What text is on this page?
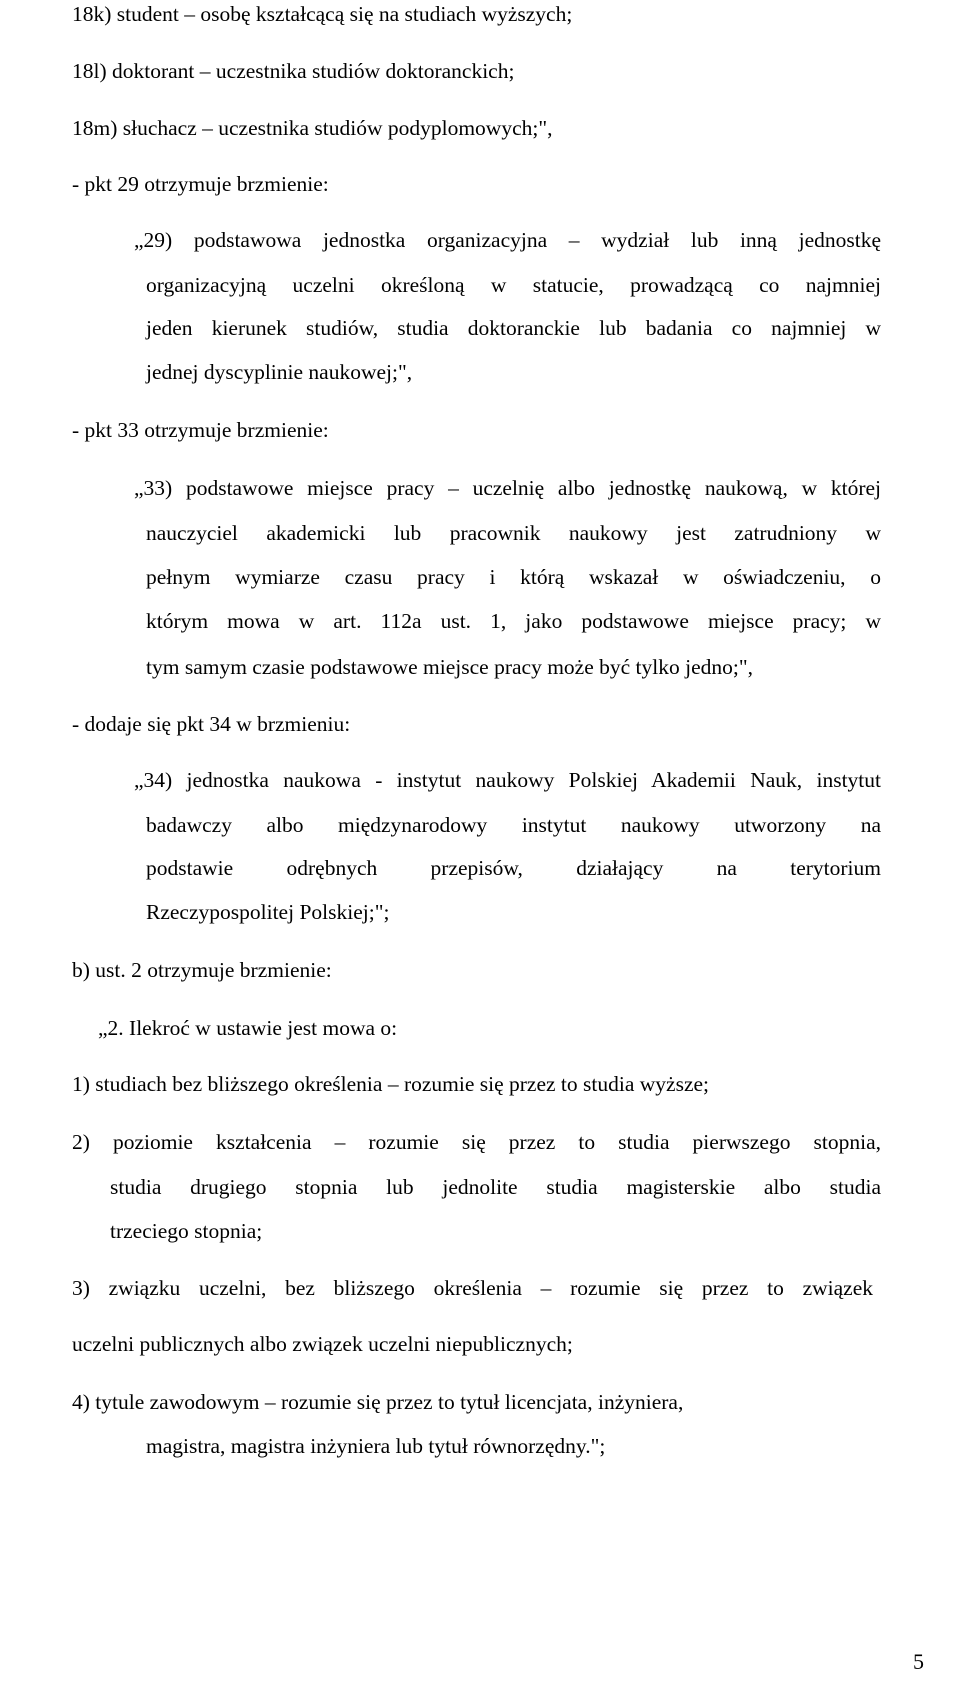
18k) student – osobę kształcącą się na studiach wyższych;
18l) doktorant – uczestnika studiów doktoranckich;
18m) słuchacz – uczestnika studiów podyplomowych;",
- pkt 29 otrzymuje brzmienie:
„29) podstawowa jednostka organizacyjna – wydział lub inną jednostkę
organizacyjną uczelni określoną w statucie, prowadzącą co najmniej
jeden kierunek studiów, studia doktoranckie lub badania co najmniej w
jednej dyscyplinie naukowej;",
- pkt 33 otrzymuje brzmienie:
„33) podstawowe miejsce pracy – uczelnię albo jednostkę naukową, w której
nauczyciel akademicki lub pracownik naukowy jest zatrudniony w
pełnym wymiarze czasu pracy i którą wskazał w oświadczeniu, o
którym mowa w art. 112a ust. 1, jako podstawowe miejsce pracy; w
tym samym czasie podstawowe miejsce pracy może być tylko jedno;",
- dodaje się pkt 34 w brzmieniu:
„34) jednostka naukowa - instytut naukowy Polskiej Akademii Nauk, instytut
badawczy albo międzynarodowy instytut naukowy utworzony na
podstawie odrębnych przepisów, działający na terytorium
Rzeczypospolitej Polskiej;";
b) ust. 2 otrzymuje brzmienie:
„2. Ilekroć w ustawie jest mowa o:
1) studiach bez bliższego określenia – rozumie się przez to studia wyższe;
2) poziomie kształcenia – rozumie się przez to studia pierwszego stopnia,
studia drugiego stopnia lub jednolite studia magisterskie albo studia
trzeciego stopnia;
3) związku uczelni, bez bliższego określenia – rozumie się przez to związek
uczelni publicznych albo związek uczelni niepublicznych;
4) tytule zawodowym – rozumie się przez to tytuł licencjata, inżyniera,
magistra, magistra inżyniera lub tytuł równorzędny.";
5
